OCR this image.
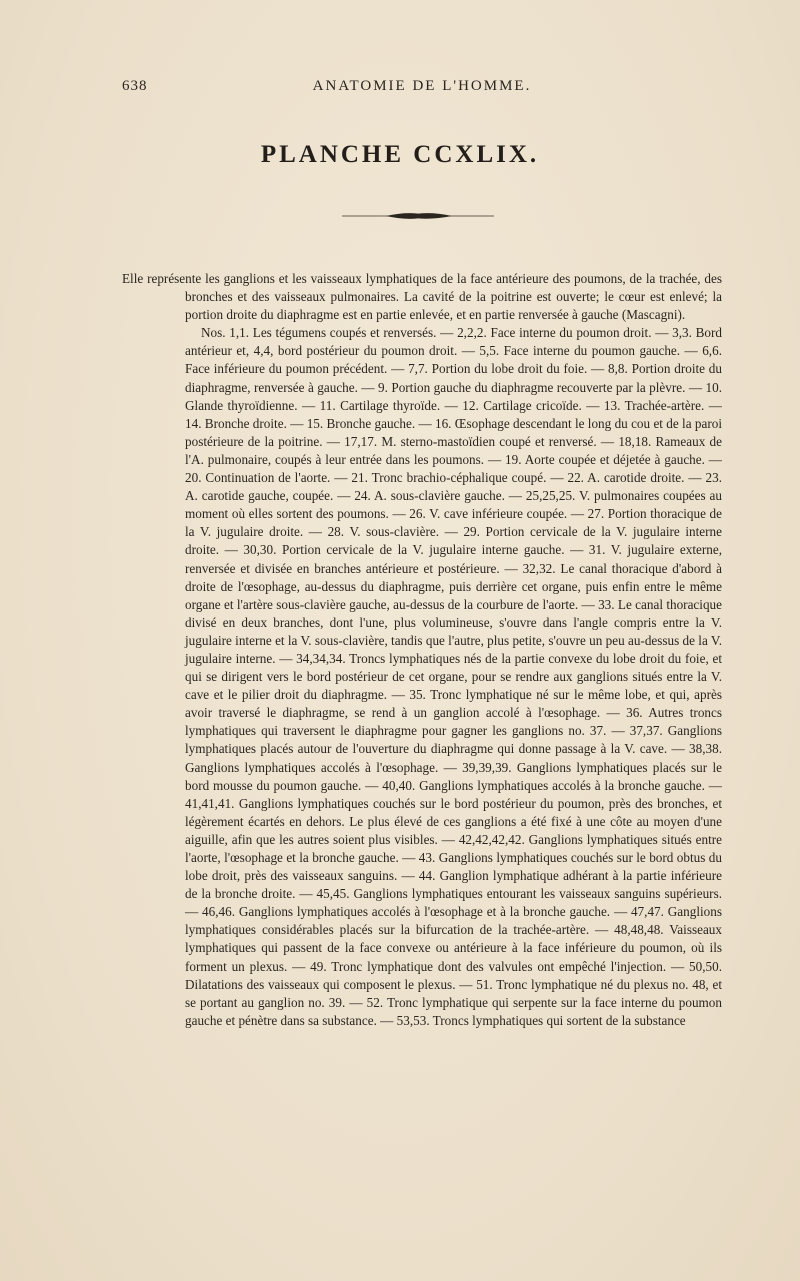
638	ANATOMIE DE L'HOMME.
PLANCHE CCXLIX.

Elle représente les ganglions et les vaisseaux lymphatiques de la face antérieure des poumons, de la trachée, des bronches et des vaisseaux pulmonaires. La cavité de la poitrine est ouverte; le cœur est enlevé; la portion droite du diaphragme est en partie enlevée, et en partie renversée à gauche (Mascagni).

Nos. 1,1. Les tégumens coupés et renversés. — 2,2,2. Face interne du poumon droit. — 3,3. Bord antérieur et, 4,4, bord postérieur du poumon droit. — 5,5. Face interne du poumon gauche. — 6,6. Face inférieure du poumon précédent. — 7,7. Portion du lobe droit du foie. — 8,8. Portion droite du diaphragme, renversée à gauche. — 9. Portion gauche du diaphragme recouverte par la plèvre. — 10. Glande thyroïdienne. — 11. Cartilage thyroïde. — 12. Cartilage cricoïde. — 13. Trachée-artère. — 14. Bronche droite. — 15. Bronche gauche. — 16. Œsophage descendant le long du cou et de la paroi postérieure de la poitrine. — 17,17. M. sterno-mastoïdien coupé et renversé. — 18,18. Rameaux de l'A. pulmonaire, coupés à leur entrée dans les poumons. — 19. Aorte coupée et déjetée à gauche. — 20. Continuation de l'aorte. — 21. Tronc brachio-céphalique coupé. — 22. A. carotide droite. — 23. A. carotide gauche, coupée. — 24. A. sous-clavière gauche. — 25,25,25. V. pulmonaires coupées au moment où elles sortent des poumons. — 26. V. cave inférieure coupée. — 27. Portion thoracique de la V. jugulaire droite. — 28. V. sous-clavière. — 29. Portion cervicale de la V. jugulaire interne droite. — 30,30. Portion cervicale de la V. jugulaire interne gauche. — 31. V. jugulaire externe, renversée et divisée en branches antérieure et postérieure. — 32,32. Le canal thoracique d'abord à droite de l'œsophage, au-dessus du diaphragme, puis derrière cet organe, puis enfin entre le même organe et l'artère sous-clavière gauche, au-dessus de la courbure de l'aorte. — 33. Le canal thoracique divisé en deux branches, dont l'une, plus volumineuse, s'ouvre dans l'angle compris entre la V. jugulaire interne et la V. sous-clavière, tandis que l'autre, plus petite, s'ouvre un peu au-dessus de la V. jugulaire interne. — 34,34,34. Troncs lymphatiques nés de la partie convexe du lobe droit du foie, et qui se dirigent vers le bord postérieur de cet organe, pour se rendre aux ganglions situés entre la V. cave et le pilier droit du diaphragme. — 35. Tronc lymphatique né sur le même lobe, et qui, après avoir traversé le diaphragme, se rend à un ganglion accolé à l'œsophage. — 36. Autres troncs lymphatiques qui traversent le diaphragme pour gagner les ganglions no. 37. — 37,37. Ganglions lymphatiques placés autour de l'ouverture du diaphragme qui donne passage à la V. cave. — 38,38. Ganglions lymphatiques accolés à l'œsophage. — 39,39,39. Ganglions lymphatiques placés sur le bord mousse du poumon gauche. — 40,40. Ganglions lymphatiques accolés à la bronche gauche. — 41,41,41. Ganglions lymphatiques couchés sur le bord postérieur du poumon, près des bronches, et légèrement écartés en dehors. Le plus élevé de ces ganglions a été fixé à une côte au moyen d'une aiguille, afin que les autres soient plus visibles. — 42,42,42,42. Ganglions lymphatiques situés entre l'aorte, l'œsophage et la bronche gauche. — 43. Ganglions lymphatiques couchés sur le bord obtus du lobe droit, près des vaisseaux sanguins. — 44. Ganglion lymphatique adhérant à la partie inférieure de la bronche droite. — 45,45. Ganglions lymphatiques entourant les vaisseaux sanguins supérieurs. — 46,46. Ganglions lymphatiques accolés à l'œsophage et à la bronche gauche. — 47,47. Ganglions lymphatiques considérables placés sur la bifurcation de la trachée-artère. — 48,48,48. Vaisseaux lymphatiques qui passent de la face convexe ou antérieure à la face inférieure du poumon, où ils forment un plexus. — 49. Tronc lymphatique dont des valvules ont empêché l'injection. — 50,50. Dilatations des vaisseaux qui composent le plexus. — 51. Tronc lymphatique né du plexus no. 48, et se portant au ganglion no. 39. — 52. Tronc lymphatique qui serpente sur la face interne du poumon gauche et pénètre dans sa substance. — 53,53. Troncs lymphatiques qui sortent de la substance
